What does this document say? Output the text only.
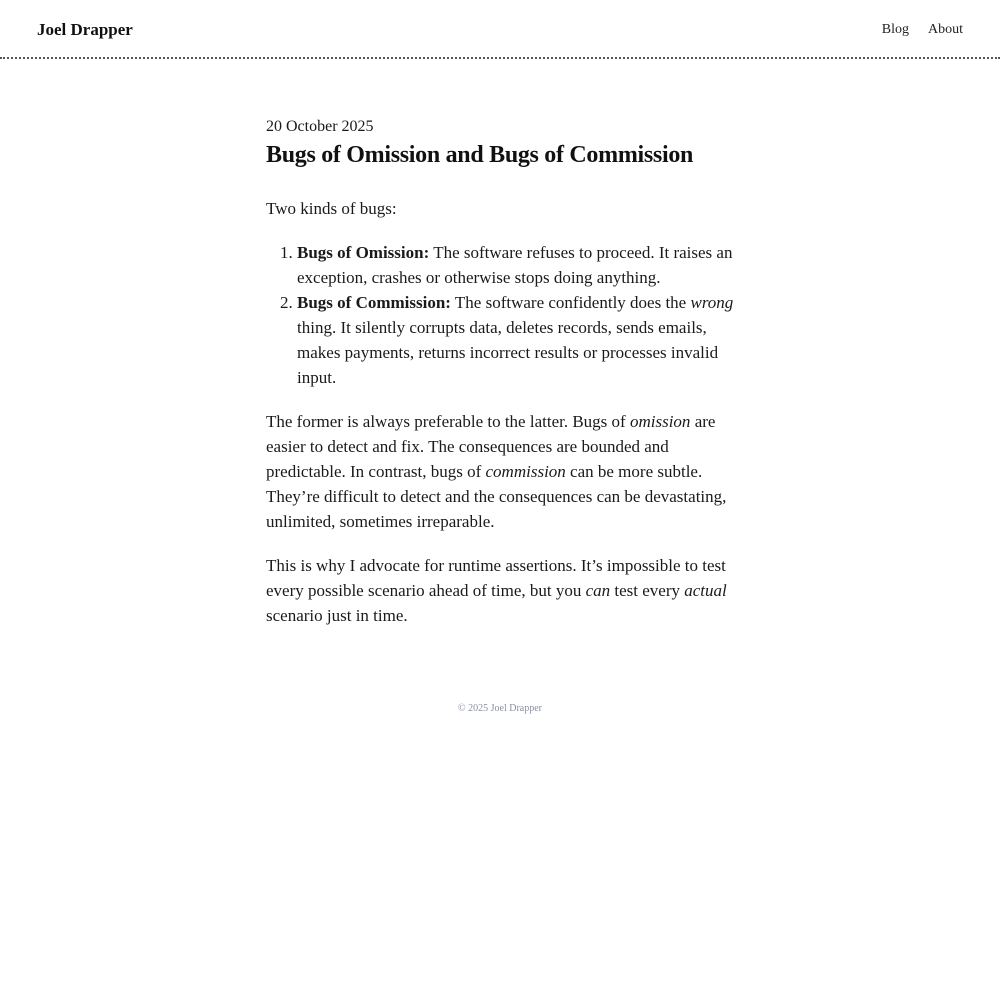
Joel Drapper	Blog About

20 October 2025

Bugs of Omission and Bugs of Commission

Two kinds of bugs:

1. Bugs of Omission: The software refuses to proceed. It raises an exception, crashes or otherwise stops doing anything.
2. Bugs of Commission: The software confidently does the wrong thing. It silently corrupts data, deletes records, sends emails, makes payments, returns incorrect results or processes invalid input.

The former is always preferable to the latter. Bugs of omission are easier to detect and fix. The consequences are bounded and predictable. In contrast, bugs of commission can be more subtle. They’re difficult to detect and the consequences can be devastating, unlimited, sometimes irreparable.

This is why I advocate for runtime assertions. It’s impossible to test every possible scenario ahead of time, but you can test every actual scenario just in time.

© 2025 Joel Drapper
